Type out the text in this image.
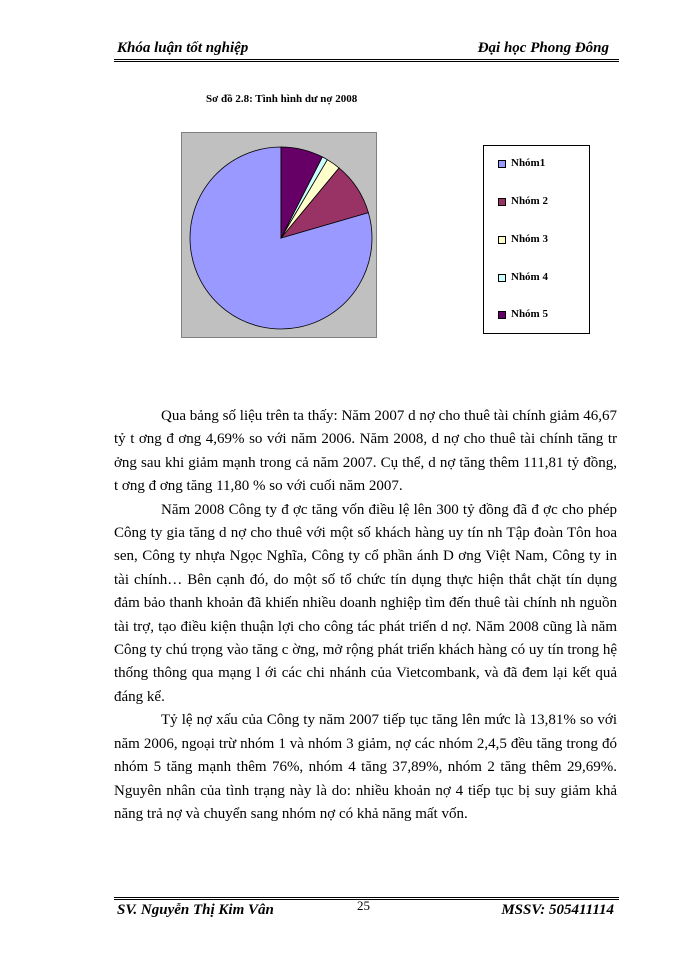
Khóa luận tốt nghiệp	Đại học Phong Đông
Sơ đồ 2.8: Tình hình dư nợ 2008
Nhóm1
Nhóm 2
Nhóm 3
Nhóm 4
Nhóm 5

Qua bảng số liệu trên ta thấy: Năm 2007 d nợ cho thuê tài chính giảm 46,67 tỷ t ơng đ ơng 4,69% so với năm 2006. Năm 2008, d nợ cho thuê tài chính tăng tr ởng sau khi giảm mạnh trong cả năm 2007. Cụ thể, d nợ tăng thêm 111,81 tỷ đồng, t ơng đ ơng tăng 11,80 % so với cuối năm 2007.

Năm 2008 Công ty đ ợc tăng vốn điều lệ lên 300 tỷ đồng đã đ ợc cho phép Công ty gia tăng d nợ cho thuê với một số khách hàng uy tín nh Tập đoàn Tôn hoa sen, Công ty nhựa Ngọc Nghĩa, Công ty cổ phần ánh D ơng Việt Nam, Công ty in tài chính… Bên cạnh đó, do một số tổ chức tín dụng thực hiện thắt chặt tín dụng đảm bảo thanh khoản đã khiến nhiều doanh nghiệp tìm đến thuê tài chính nh nguồn tài trợ, tạo điều kiện thuận lợi cho công tác phát triển d nợ. Năm 2008 cũng là năm Công ty chú trọng vào tăng c ờng, mở rộng phát triển khách hàng có uy tín trong hệ thống thông qua mạng l ới các chi nhánh của Vietcombank, và đã đem lại kết quả đáng kể.

Tỷ lệ nợ xấu của Công ty năm 2007 tiếp tục tăng lên mức là 13,81% so với năm 2006, ngoại trừ nhóm 1 và nhóm 3 giảm, nợ các nhóm 2,4,5 đều tăng trong đó nhóm 5 tăng mạnh thêm 76%, nhóm 4 tăng 37,89%, nhóm 2 tăng thêm 29,69%. Nguyên nhân của tình trạng này là do: nhiều khoản nợ 4 tiếp tục bị suy giảm khả năng trả nợ và chuyển sang nhóm nợ có khả năng mất vốn.

SV. Nguyễn Thị Kim Vân	25	MSSV: 505411114
